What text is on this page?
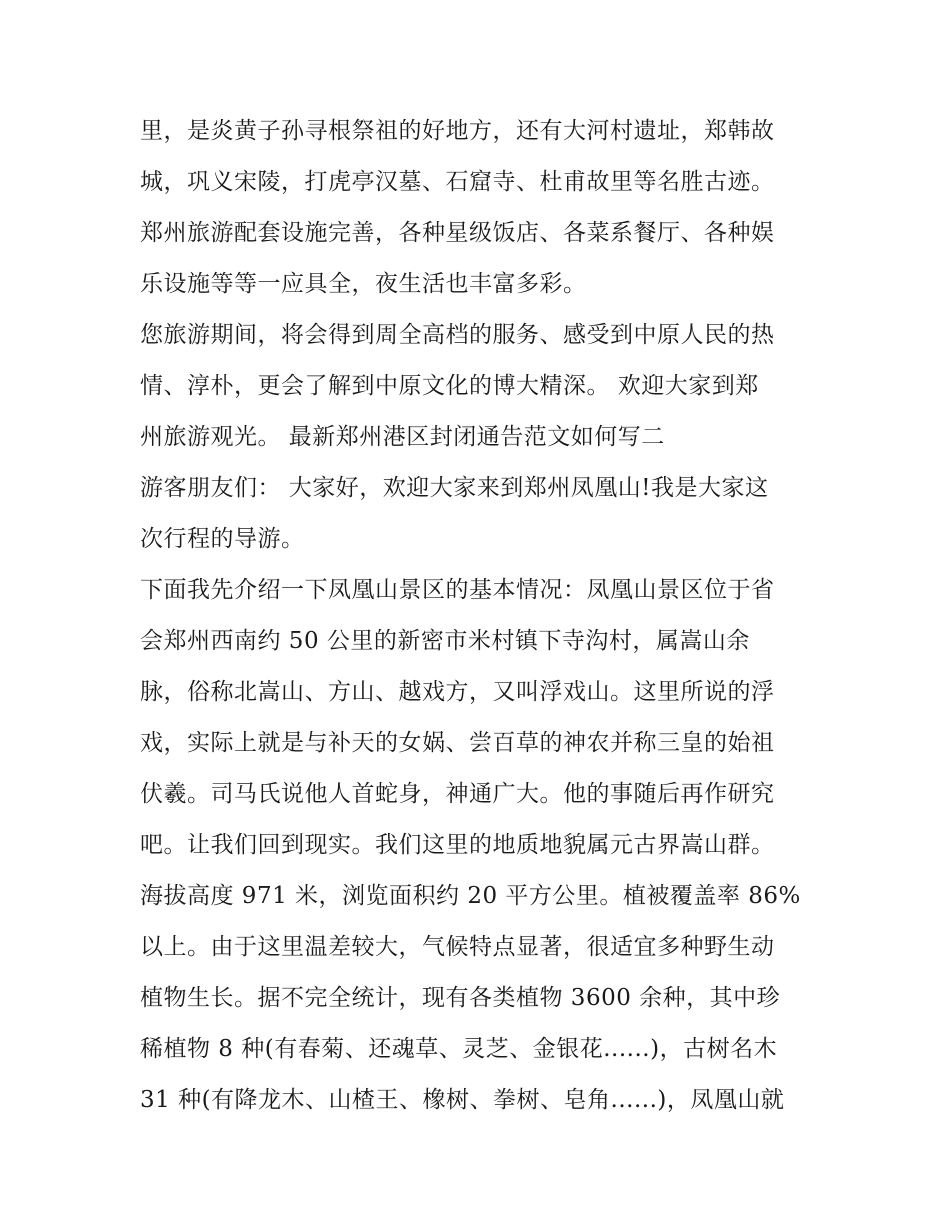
里，是炎黄子孙寻根祭祖的好地方，还有大河村遗址，郑韩故
城，巩义宋陵，打虎亭汉墓、石窟寺、杜甫故里等名胜古迹。
郑州旅游配套设施完善，各种星级饭店、各菜系餐厅、各种娱
乐设施等等一应具全，夜生活也丰富多彩。
您旅游期间，将会得到周全高档的服务、感受到中原人民的热
情、淳朴，更会了解到中原文化的博大精深。 欢迎大家到郑
州旅游观光。 最新郑州港区封闭通告范文如何写二
游客朋友们： 大家好，欢迎大家来到郑州凤凰山!我是大家这
次行程的导游。
下面我先介绍一下凤凰山景区的基本情况：凤凰山景区位于省
会郑州西南约 50 公里的新密市米村镇下寺沟村，属嵩山余
脉，俗称北嵩山、方山、越戏方，又叫浮戏山。这里所说的浮
戏，实际上就是与补天的女娲、尝百草的神农并称三皇的始祖
伏羲。司马氏说他人首蛇身，神通广大。他的事随后再作研究
吧。让我们回到现实。我们这里的地质地貌属元古界嵩山群。
海拔高度 971 米，浏览面积约 20 平方公里。植被覆盖率 86%
以上。由于这里温差较大，气候特点显著，很适宜多种野生动
植物生长。据不完全统计，现有各类植物 3600 余种，其中珍
稀植物 8 种(有春菊、还魂草、灵芝、金银花......)，古树名木
31 种(有降龙木、山楂王、橡树、拳树、皂角......)，凤凰山就
